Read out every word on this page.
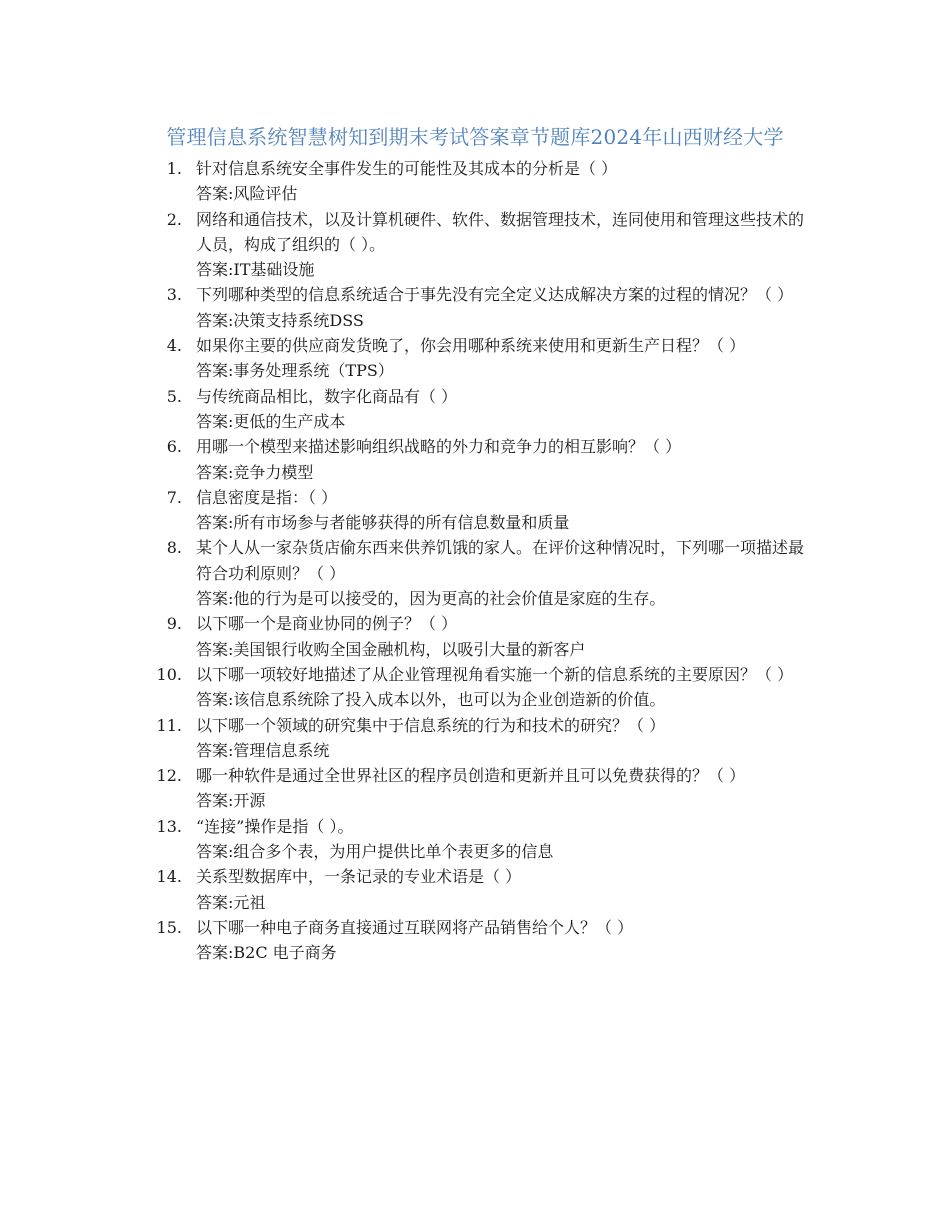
管理信息系统智慧树知到期末考试答案章节题库2024年山西财经大学
1. 针对信息系统安全事件发生的可能性及其成本的分析是（ ）
答案:风险评估
2. 网络和通信技术，以及计算机硬件、软件、数据管理技术，连同使用和管理这些技术的人员，构成了组织的（ ）。
答案:IT基础设施
3. 下列哪种类型的信息系统适合于事先没有完全定义达成解决方案的过程的情况？（ ）
答案:决策支持系统DSS
4. 如果你主要的供应商发货晚了，你会用哪种系统来使用和更新生产日程？（ ）
答案:事务处理系统（TPS）
5. 与传统商品相比，数字化商品有（ ）
答案:更低的生产成本
6. 用哪一个模型来描述影响组织战略的外力和竞争力的相互影响？（ ）
答案:竞争力模型
7. 信息密度是指：（ ）
答案:所有市场参与者能够获得的所有信息数量和质量
8. 某个人从一家杂货店偷东西来供养饥饿的家人。在评价这种情况时，下列哪一项描述最符合功利原则？（ ）
答案:他的行为是可以接受的，因为更高的社会价值是家庭的生存。
9. 以下哪一个是商业协同的例子？（ ）
答案:美国银行收购全国金融机构，以吸引大量的新客户
10. 以下哪一项较好地描述了从企业管理视角看实施一个新的信息系统的主要原因？（ ）
答案:该信息系统除了投入成本以外，也可以为企业创造新的价值。
11. 以下哪一个领域的研究集中于信息系统的行为和技术的研究？（ ）
答案:管理信息系统
12. 哪一种软件是通过全世界社区的程序员创造和更新并且可以免费获得的？（ ）
答案:开源
13. “连接”操作是指（ ）。
答案:组合多个表，为用户提供比单个表更多的信息
14. 关系型数据库中，一条记录的专业术语是（ ）
答案:元祖
15. 以下哪一种电子商务直接通过互联网将产品销售给个人？（ ）
答案:B2C 电子商务
